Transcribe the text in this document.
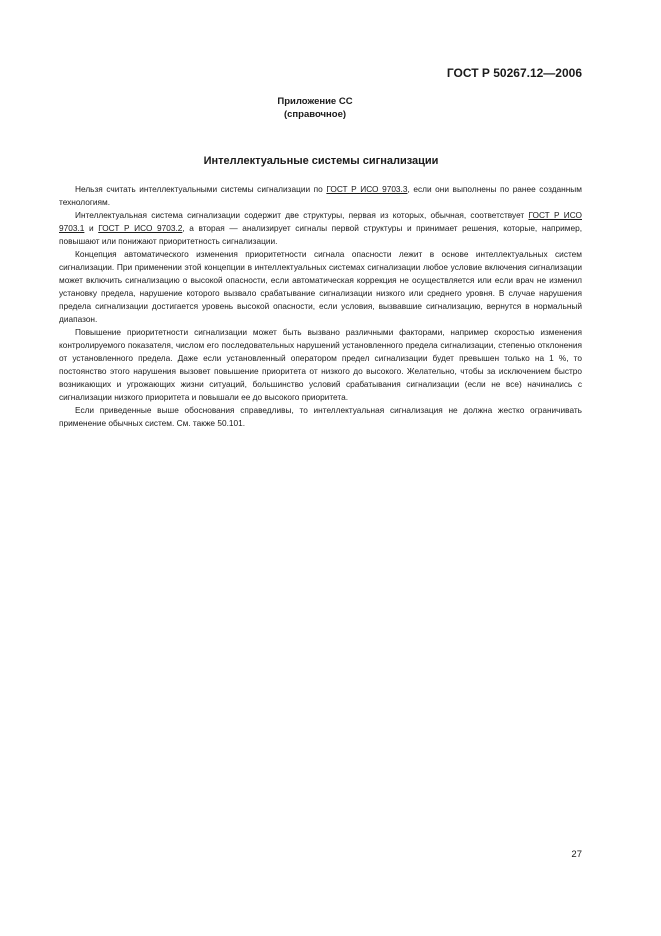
ГОСТ Р 50267.12—2006
Приложение СС
(справочное)
Интеллектуальные системы сигнализации

Нельзя считать интеллектуальными системы сигнализации по ГОСТ Р ИСО 9703.3, если они выполнены по ранее созданным технологиям.

Интеллектуальная система сигнализации содержит две структуры, первая из которых, обычная, соответствует ГОСТ Р ИСО 9703.1 и ГОСТ Р ИСО 9703.2, а вторая — анализирует сигналы первой структуры и принимает решения, которые, например, повышают или понижают приоритетность сигнализации.

Концепция автоматического изменения приоритетности сигнала опасности лежит в основе интеллектуальных систем сигнализации. При применении этой концепции в интеллектуальных системах сигнализации любое условие включения сигнализации может включить сигнализацию о высокой опасности, если автоматическая коррекция не осуществляется или если врач не изменил установку предела, нарушение которого вызвало срабатывание сигнализации низкого или среднего уровня. В случае нарушения предела сигнализации достигается уровень высокой опасности, если условия, вызвавшие сигнализацию, вернутся в нормальный диапазон.

Повышение приоритетности сигнализации может быть вызвано различными факторами, например скоростью изменения контролируемого показателя, числом его последовательных нарушений установленного предела сигнализации, степенью отклонения от установленного предела. Даже если установленный оператором предел сигнализации будет превышен только на 1 %, то постоянство этого нарушения вызовет повышение приоритета от низкого до высокого. Желательно, чтобы за исключением быстро возникающих и угрожающих жизни ситуаций, большинство условий срабатывания сигнализации (если не все) начинались с сигнализации низкого приоритета и повышали ее до высокого приоритета.

Если приведенные выше обоснования справедливы, то интеллектуальная сигнализация не должна жестко ограничивать применение обычных систем. См. также 50.101.

27
